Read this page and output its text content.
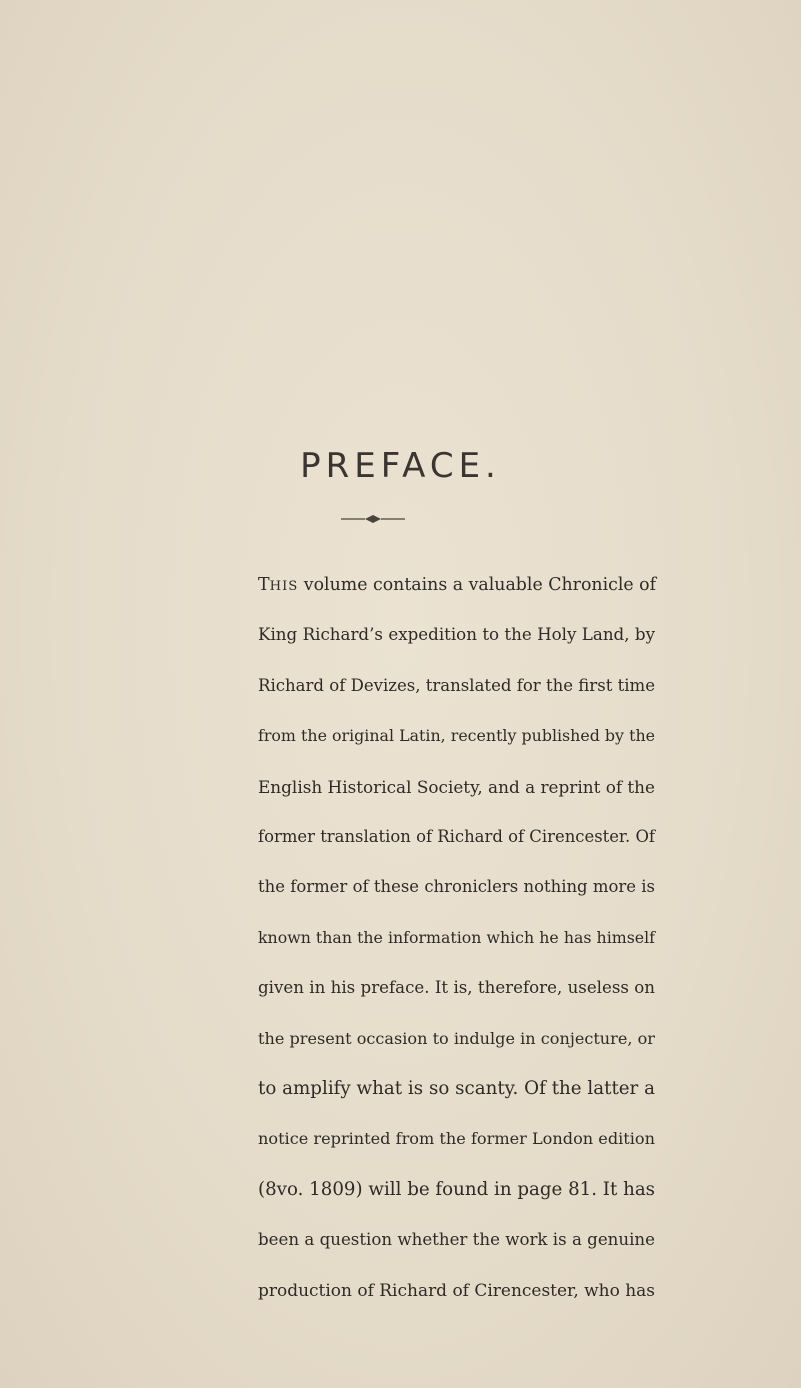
PREFACE.
THIS volume contains a valuable Chronicle of
King Richard’s expedition to the Holy Land, by
Richard of Devizes, translated for the first time
from the original Latin, recently published by the
English Historical Society, and a reprint of the
former translation of Richard of Cirencester. Of
the former of these chroniclers nothing more is
known than the information which he has himself
given in his preface. It is, therefore, useless on
the present occasion to indulge in conjecture, or
to amplify what is so scanty. Of the latter a
notice reprinted from the former London edition
(8vo. 1809) will be found in page 81. It has
been a question whether the work is a genuine
production of Richard of Cirencester, who has
